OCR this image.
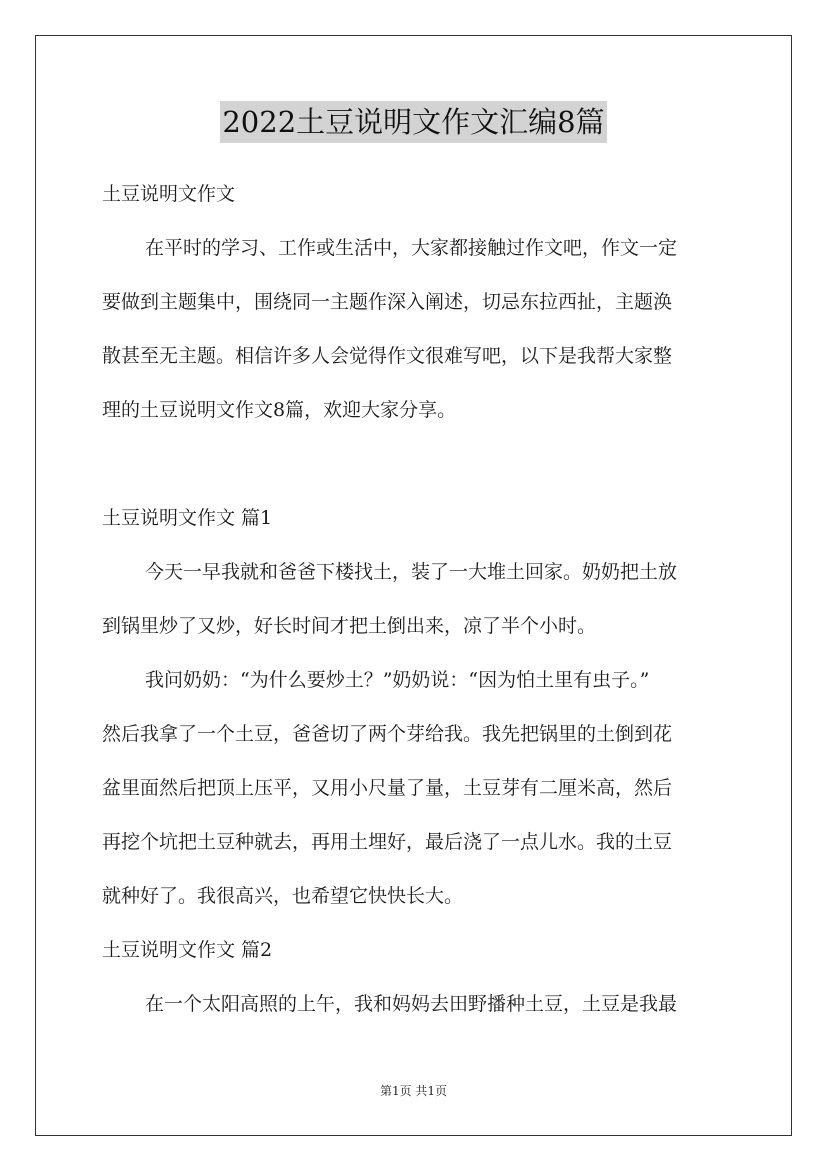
2022土豆说明文作文汇编8篇
土豆说明文作文
在平时的学习、工作或生活中，大家都接触过作文吧，作文一定
要做到主题集中，围绕同一主题作深入阐述，切忌东拉西扯，主题涣
散甚至无主题。相信许多人会觉得作文很难写吧，以下是我帮大家整
理的土豆说明文作文8篇，欢迎大家分享。
土豆说明文作文 篇1
今天一早我就和爸爸下楼找土，装了一大堆土回家。奶奶把土放
到锅里炒了又炒，好长时间才把土倒出来，凉了半个小时。
我问奶奶：“为什么要炒土？”奶奶说：“因为怕土里有虫子。”
然后我拿了一个土豆，爸爸切了两个芽给我。我先把锅里的土倒到花
盆里面然后把顶上压平，又用小尺量了量，土豆芽有二厘米高，然后
再挖个坑把土豆种就去，再用土埋好，最后浇了一点儿水。我的土豆
就种好了。我很高兴，也希望它快快长大。
土豆说明文作文 篇2
在一个太阳高照的上午，我和妈妈去田野播种土豆，土豆是我最
第1页 共1页
